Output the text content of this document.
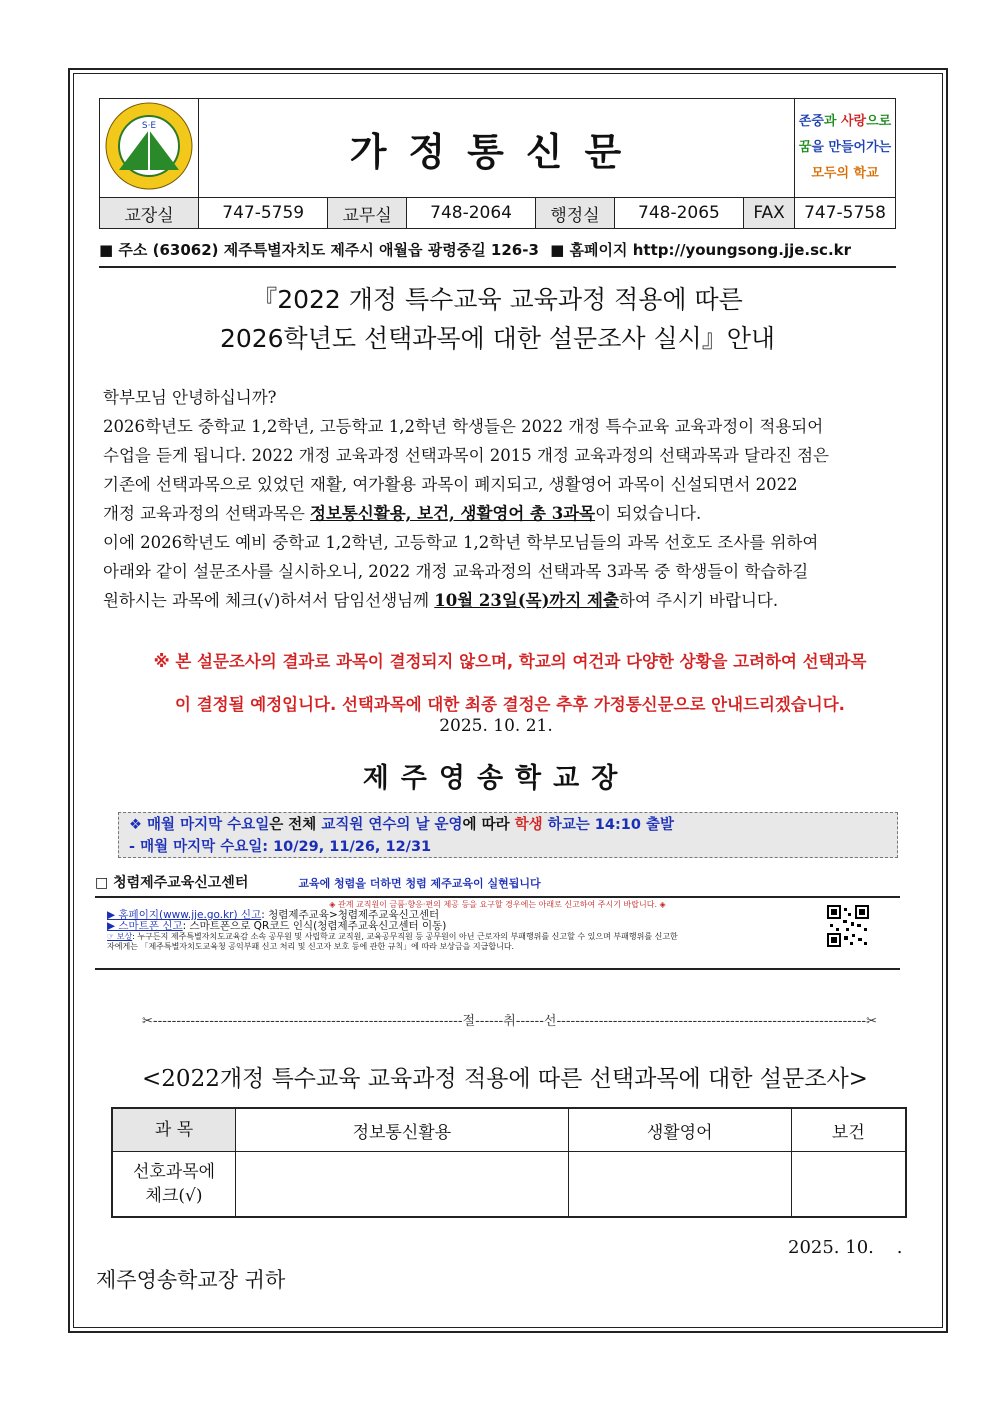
S·E	가정통신문						존중과 사랑으로
꿈을 만들어가는
모두의 학교

교장실	747-5759	교무실	748-2064	행정실	748-2065	FAX	747-5758
■ 주소 (63062) 제주특별자치도 제주시 애월읍 광령중길 126-3 ■ 홈페이지 http://youngsong.jje.sc.kr
『2022 개정 특수교육 교육과정 적용에 따른
2026학년도 선택과목에 대한 설문조사 실시』안내

학부모님 안녕하십니까?

2026학년도 중학교 1,2학년, 고등학교 1,2학년 학생들은 2022 개정 특수교육 교육과정이 적용되어

수업을 듣게 됩니다. 2022 개정 교육과정 선택과목이 2015 개정 교육과정의 선택과목과 달라진 점은

기존에 선택과목으로 있었던 재활, 여가활용 과목이 폐지되고, 생활영어 과목이 신설되면서 2022

개정 교육과정의 선택과목은 정보통신활용, 보건, 생활영어 총 3과목이 되었습니다.

이에 2026학년도 예비 중학교 1,2학년, 고등학교 1,2학년 학부모님들의 과목 선호도 조사를 위하여

아래와 같이 설문조사를 실시하오니, 2022 개정 교육과정의 선택과목 3과목 중 학생들이 학습하길

원하시는 과목에 체크(√)하셔서 담임선생님께 10월 23일(목)까지 제출하여 주시기 바랍니다.

※ 본 설문조사의 결과로 과목이 결정되지 않으며, 학교의 여건과 다양한 상황을 고려하여 선택과목

이 결정될 예정입니다. 선택과목에 대한 최종 결정은 추후 가정통신문으로 안내드리겠습니다.

2025. 10. 21.
제주영송학교장
❖ 매월 마지막 수요일은 전체 교직원 연수의 날 운영에 따라 학생 하교는 14:10 출발
- 매월 마지막 수요일: 10/29, 11/26, 12/31
□ 청렴제주교육신고센터	교육에 청렴을 더하면 청렴 제주교육이 실현됩니다
◈ 관계 교직원이 금품·향응·편의 제공 등을 요구할 경우에는 아래로 신고하여 주시기 바랍니다. ◈
▶ 홈페이지(www.jje.go.kr) 신고: 청렴제주교육>청렴제주교육신고센터
▶ 스마트폰 신고: 스마트폰으로 QR코드 인식(청렴제주교육신고센터 이동)
☞ 보상: 누구든지 제주특별자치도교육감 소속 공무원 및 사립학교 교직원, 교육공무직원 등 공무원이 아닌 근로자의 부패행위를 신고할 수 있으며 부패행위를 신고한
자에게는 「제주특별자치도교육청 공익부패 신고 처리 및 신고자 보호 등에 관한 규칙」에 따라 보상금을 지급합니다.
✂------------------------------------------------------------------절------취------선------------------------------------------------------------------✂
<2022개정 특수교육 교육과정 적용에 따른 선택과목에 대한 설문조사>
과 목	정보통신활용	생활영어	보건

선호과목에
체크(√)			

2025. 10.    .
제주영송학교장 귀하
